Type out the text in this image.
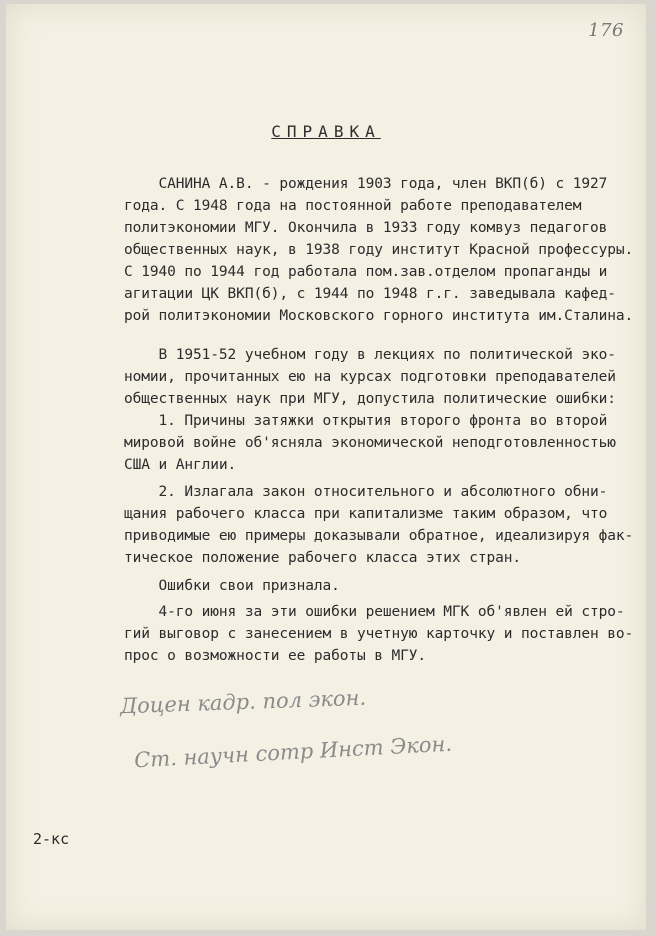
176
СПРАВКА
САНИНА А.В. - рождения 1903 года, член ВКП(б) с 1927
года. С 1948 года на постоянной работе преподавателем
политэкономии МГУ. Окончила в 1933 году комвуз педагогов
общественных наук, в 1938 году институт Красной профессуры.
С 1940 по 1944 год работала пом.зав.отделом пропаганды и
агитации ЦК ВКП(б), с 1944 по 1948 г.г. заведывала кафед-
рой политэкономии Московского горного института им.Сталина.
В 1951-52 учебном году в лекциях по политической эко-
номии, прочитанных ею на курсах подготовки преподавателей
общественных наук при МГУ, допустила политические ошибки:
1. Причины затяжки открытия второго фронта во второй
мировой войне об'ясняла экономической неподготовленностью
США и Англии.
2. Излагала закон относительного и абсолютного обни-
щания рабочего класса при капитализме таким образом, что
приводимые ею примеры доказывали обратное, идеализируя фак-
тическое положение рабочего класса этих стран.
Ошибки свои признала.
4-го июня за эти ошибки решением МГК об'явлен ей стро-
гий выговор с занесением в учетную карточку и поставлен во-
прос о возможности ее работы в МГУ.
Доцен кадр. пол экон.
Ст. научн сотр Инст Экон.
2-кс
